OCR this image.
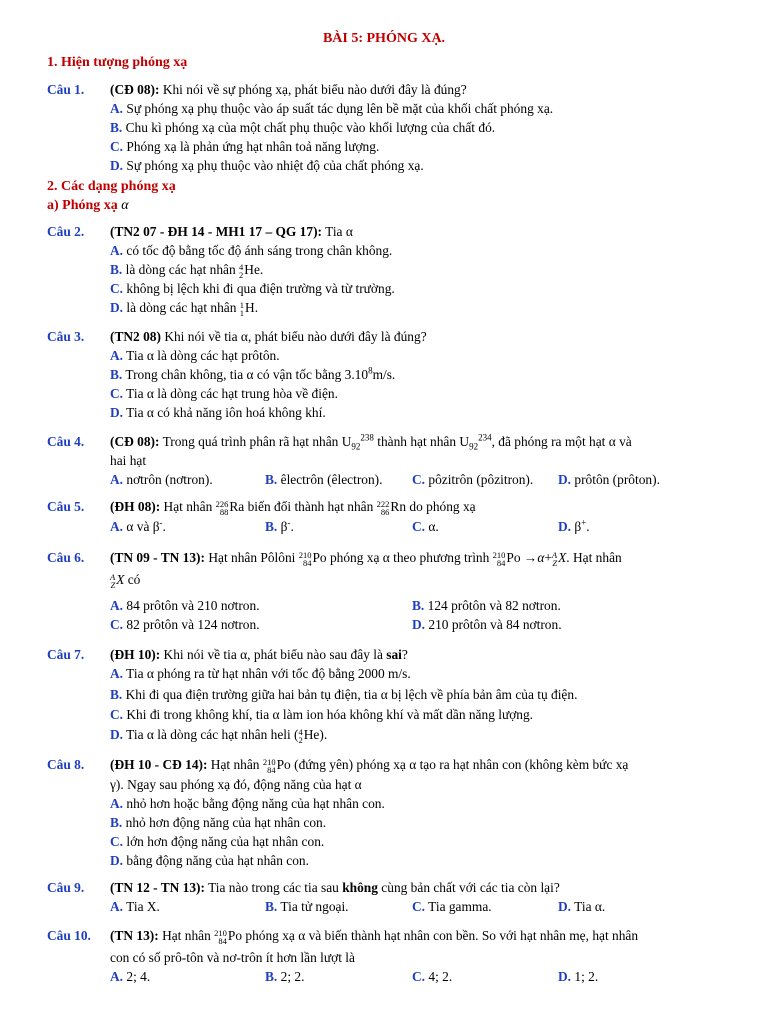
BÀI 5: PHÓNG XẠ.
1. Hiện tượng phóng xạ
Câu 1. (CĐ 08): Khi nói về sự phóng xạ, phát biểu nào dưới đây là đúng?
A. Sự phóng xạ phụ thuộc vào áp suất tác dụng lên bề mặt của khối chất phóng xạ.
B. Chu kì phóng xạ của một chất phụ thuộc vào khối lượng của chất đó.
C. Phóng xạ là phản ứng hạt nhân toả năng lượng.
D. Sự phóng xạ phụ thuộc vào nhiệt độ của chất phóng xạ.
2. Các dạng phóng xạ
a) Phóng xạ α
Câu 2. (TN2 07 - ĐH 14 - MH1 17 – QG 17): Tia α
A. có tốc độ bằng tốc độ ánh sáng trong chân không.
B. là dòng các hạt nhân 4
2 He.
C. không bị lệch khi đi qua điện trường và từ trường.
D. là dòng các hạt nhân 1
1 H.
Câu 3. (TN2 08) Khi nói về tia α, phát biểu nào dưới đây là đúng?
A. Tia α là dòng các hạt prôtôn.
B. Trong chân không, tia α có vận tốc bằng 3.10$^8$m/s.
C. Tia α là dòng các hạt trung hòa về điện.
D. Tia α có khả năng iôn hoá không khí.
Câu 4. (CĐ 08): Trong quá trình phân rã hạt nhân $U_{92}^{238}$ thành hạt nhân $U_{92}^{234}$, đã phóng ra một hạt α và
hai hạt
A. nơtrôn (nơtron).	B. êlectrôn (êlectron). C. pôzitrôn (pôzitron). D. prôtôn (prôton).
Câu 5. (ĐH 08): Hạt nhân 226
88 Ra biến đổi thành hạt nhân 222
86 Rn do phóng xạ
A. α và β-.	B. β-.	C. α.	D. β+.
Câu 6. (TN 09 - TN 13): Hạt nhân Pôlôni 210
84 Po phóng xạ α theo phương trình 210
84 Po →α+ A
Z X. Hạt nhân
A
Z X có
A. 84 prôtôn và 210 nơtron.	B. 124 prôtôn và 82 nơtron.
C. 82 prôtôn và 124 nơtron.	D. 210 prôtôn và 84 nơtron.
Câu 7. (ĐH 10): Khi nói về tia α, phát biểu nào sau đây là sai?
A. Tia α phóng ra từ hạt nhân với tốc độ bằng 2000 m/s.
B. Khi đi qua điện trường giữa hai bản tụ điện, tia α bị lệch về phía bản âm của tụ điện.
C. Khi đi trong không khí, tia α làm ion hóa không khí và mất dần năng lượng.
D. Tia α là dòng các hạt nhân heli ( 4
2 He).
Câu 8. (ĐH 10 - CĐ 14): Hạt nhân 210
84 Po (đứng yên) phóng xạ α tạo ra hạt nhân con (không kèm bức xạ
γ). Ngay sau phóng xạ đó, động năng của hạt α
A. nhỏ hơn hoặc bằng động năng của hạt nhân con.
B. nhỏ hơn động năng của hạt nhân con.
C. lớn hơn động năng của hạt nhân con.
D. bằng động năng của hạt nhân con.
Câu 9. (TN 12 - TN 13): Tia nào trong các tia sau không cùng bản chất với các tia còn lại?
A. Tia X.	B. Tia tử ngoại.	C. Tia gamma.	D. Tia α.
Câu 10. (TN 13): Hạt nhân 210
84 Po phóng xạ α và biến thành hạt nhân con bền. So với hạt nhân mẹ, hạt nhân
con có số prô-tôn và nơ-trôn ít hơn lần lượt là
A. 2; 4.	B. 2; 2.	C. 4; 2.	D. 1; 2.
